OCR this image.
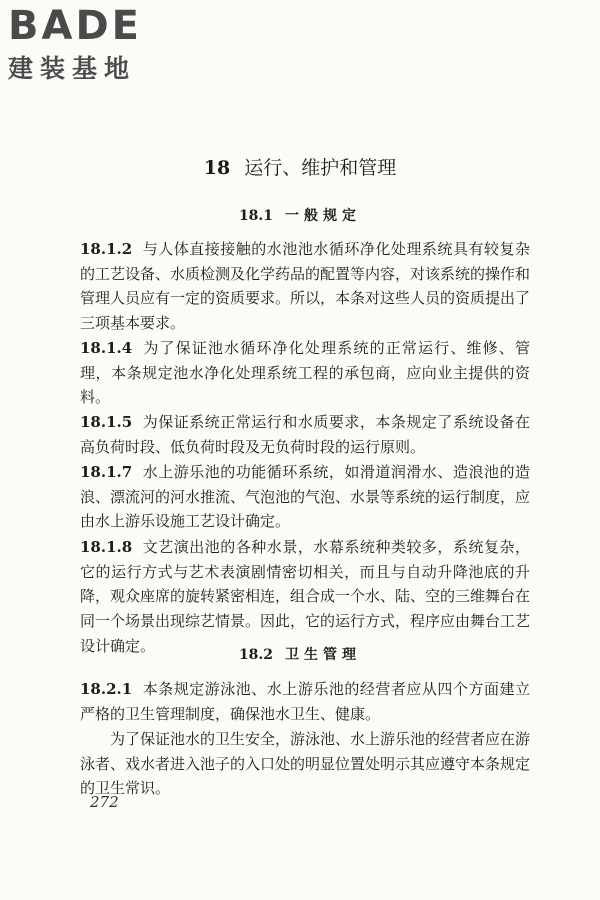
BADE
建装基地
18 运行、维护和管理
18.1 一般规定

18.1.2 与人体直接接触的水池池水循环净化处理系统具有较复杂的工艺设备、水质检测及化学药品的配置等内容，对该系统的操作和管理人员应有一定的资质要求。所以，本条对这些人员的资质提出了三项基本要求。

18.1.4 为了保证池水循环净化处理系统的正常运行、维修、管理，本条规定池水净化处理系统工程的承包商，应向业主提供的资料。

18.1.5 为保证系统正常运行和水质要求，本条规定了系统设备在高负荷时段、低负荷时段及无负荷时段的运行原则。

18.1.7 水上游乐池的功能循环系统，如滑道润滑水、造浪池的造浪、漂流河的河水推流、气泡池的气泡、水景等系统的运行制度，应由水上游乐设施工艺设计确定。

18.1.8 文艺演出池的各种水景，水幕系统种类较多，系统复杂，它的运行方式与艺术表演剧情密切相关，而且与自动升降池底的升降，观众座席的旋转紧密相连，组合成一个水、陆、空的三维舞台在同一个场景出现综艺情景。因此，它的运行方式，程序应由舞台工艺设计确定。

18.2 卫生管理

18.2.1 本条规定游泳池、水上游乐池的经营者应从四个方面建立严格的卫生管理制度，确保池水卫生、健康。

为了保证池水的卫生安全，游泳池、水上游乐池的经营者应在游泳者、戏水者进入池子的入口处的明显位置处明示其应遵守本条规定的卫生常识。

272
